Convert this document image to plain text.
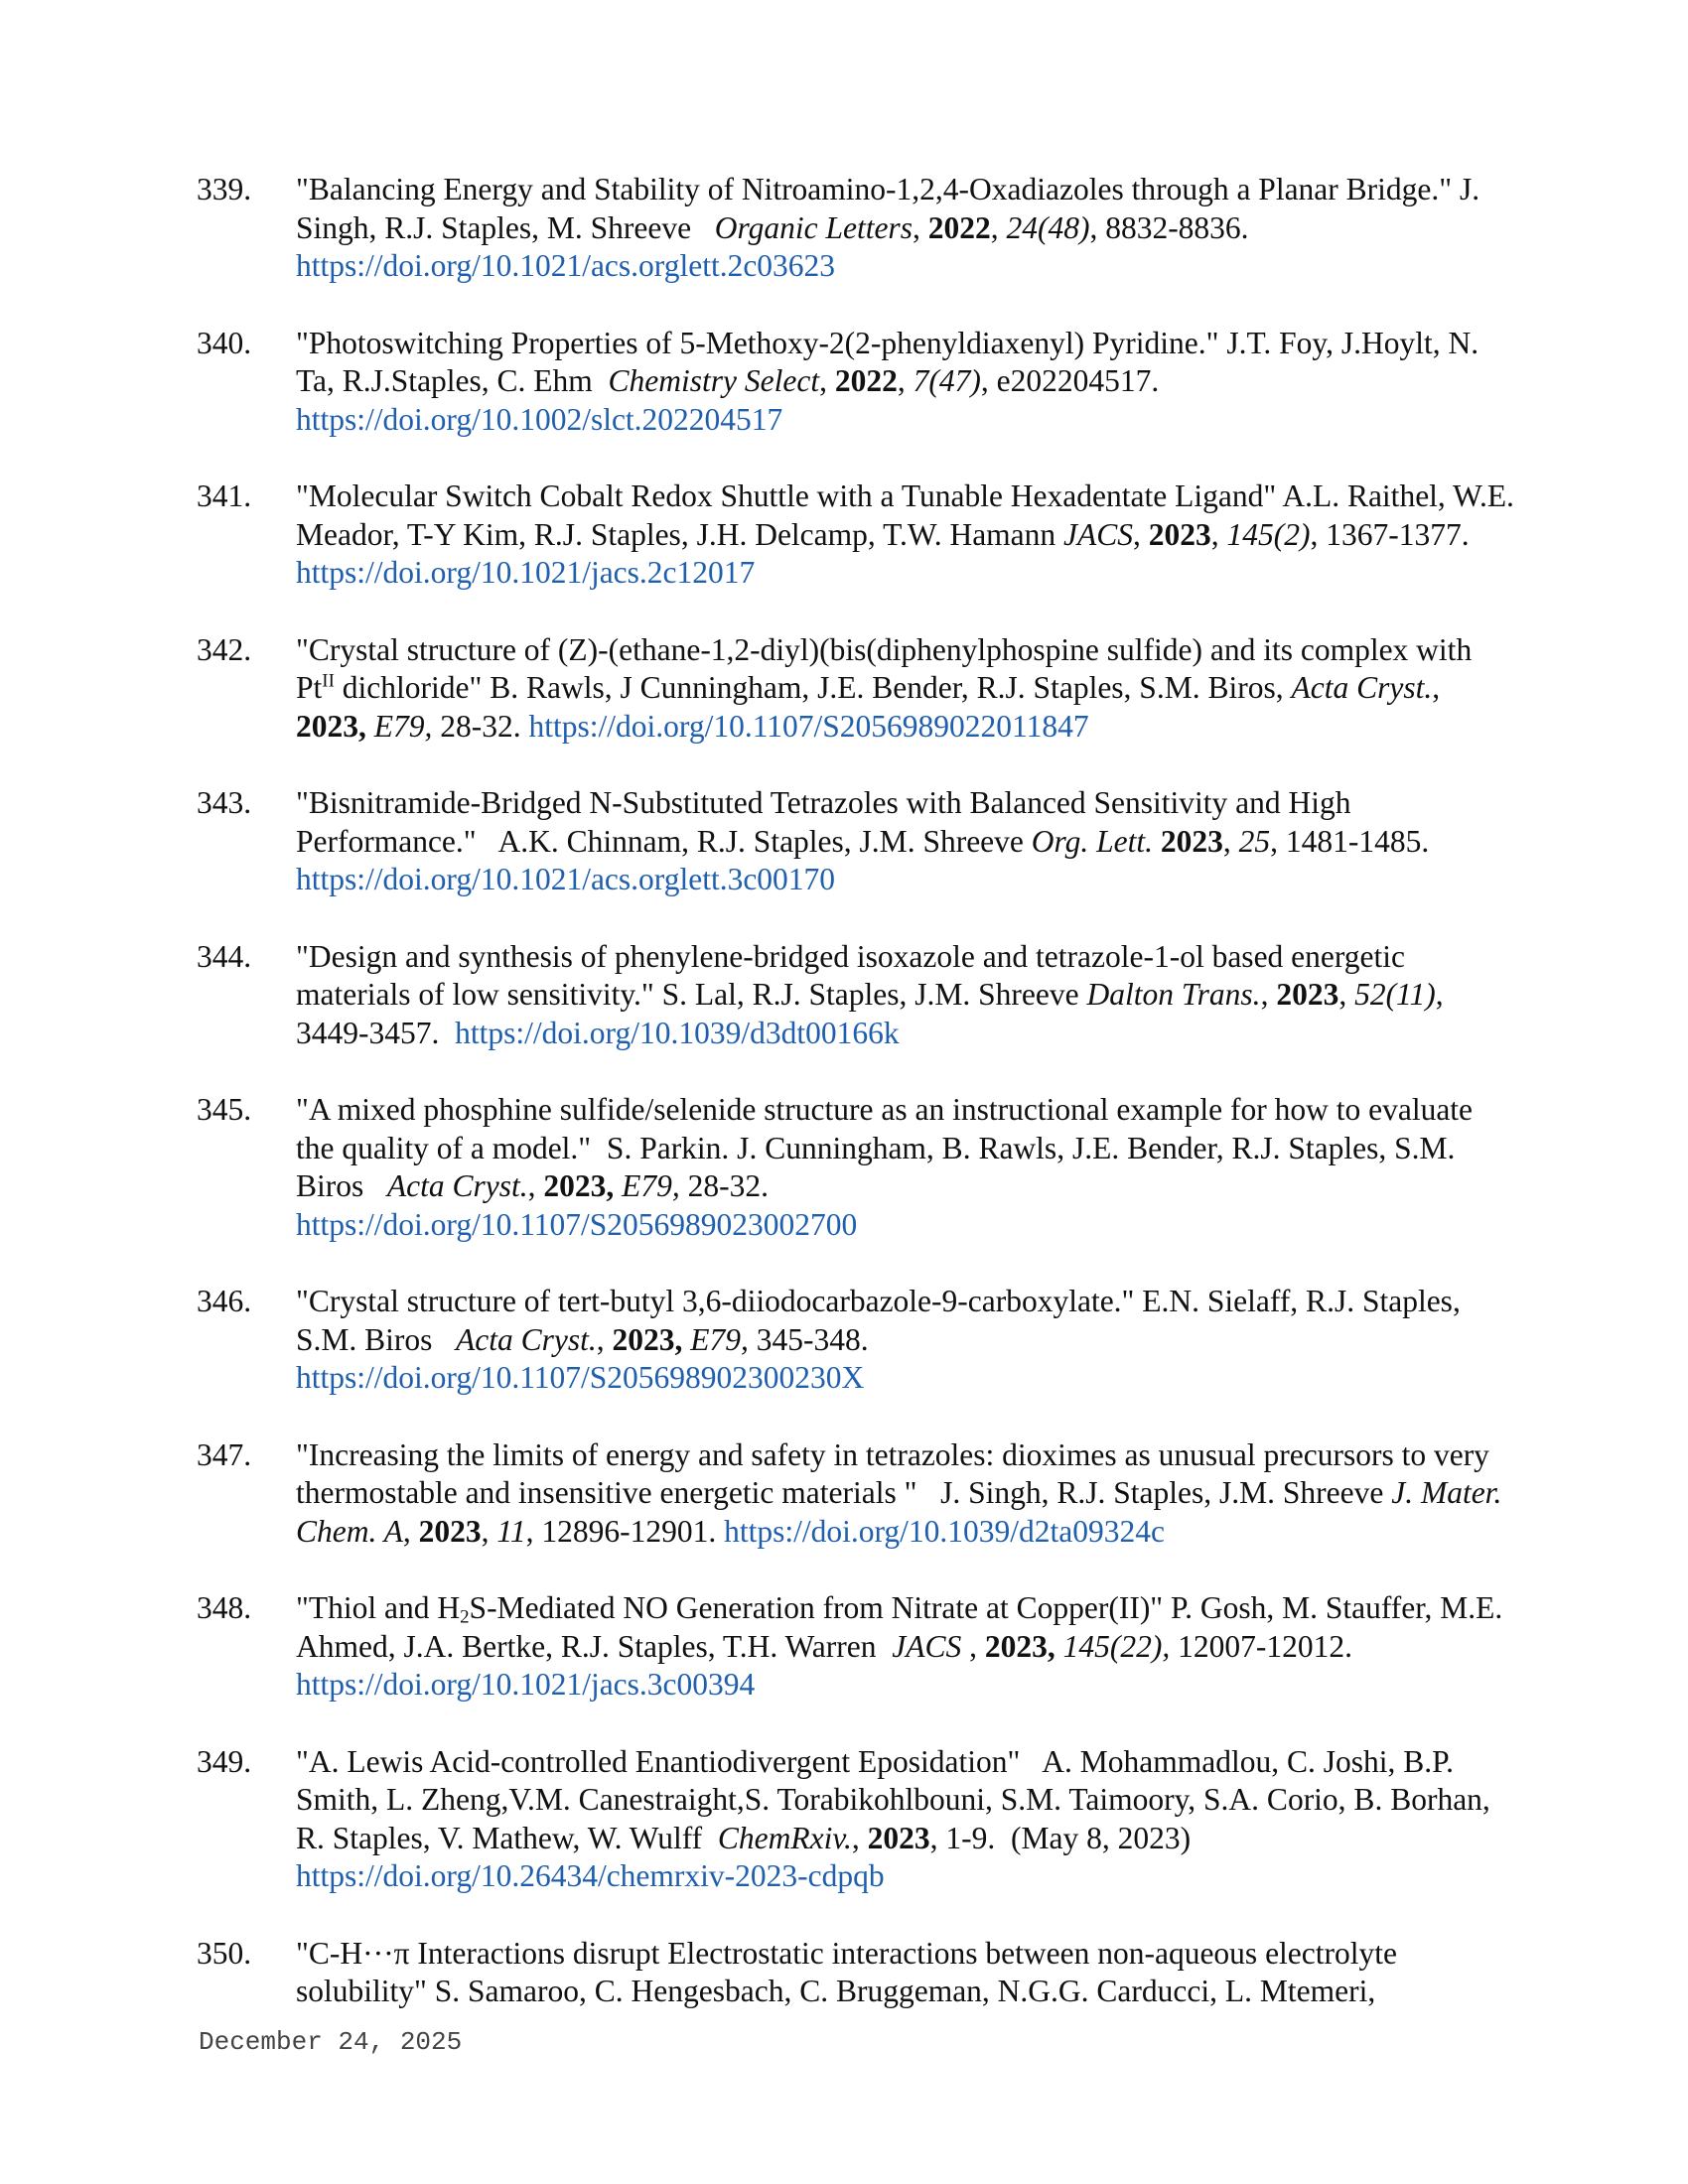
339. "Balancing Energy and Stability of Nitroamino-1,2,4-Oxadiazoles through a Planar Bridge." J. Singh, R.J. Staples, M. Shreeve Organic Letters, 2022, 24(48), 8832-8836. https://doi.org/10.1021/acs.orglett.2c03623
340. "Photoswitching Properties of 5-Methoxy-2(2-phenyldiaxenyl) Pyridine." J.T. Foy, J.Hoylt, N. Ta, R.J.Staples, C. Ehm Chemistry Select, 2022, 7(47), e202204517. https://doi.org/10.1002/slct.202204517
341. "Molecular Switch Cobalt Redox Shuttle with a Tunable Hexadentate Ligand" A.L. Raithel, W.E. Meador, T-Y Kim, R.J. Staples, J.H. Delcamp, T.W. Hamann JACS, 2023, 145(2), 1367-1377.  https://doi.org/10.1021/jacs.2c12017
342. "Crystal structure of (Z)-(ethane-1,2-diyl)(bis(diphenylphospine sulfide) and its complex with $Pt^{II}$ dichloride" B. Rawls, J Cunningham, J.E. Bender, R.J. Staples, S.M. Biros, Acta Cryst., 2023, E79, 28-32. https://doi.org/10.1107/S2056989022011847
343. "Bisnitramide-Bridged N-Substituted Tetrazoles with Balanced Sensitivity and High Performance." A.K. Chinnam, R.J. Staples, J.M. Shreeve Org. Lett. 2023, 25, 1481-1485.    https://doi.org/10.1021/acs.orglett.3c00170
344. "Design and synthesis of phenylene-bridged isoxazole and tetrazole-1-ol based energetic materials of low sensitivity." S. Lal, R.J. Staples, J.M. Shreeve Dalton Trans., 2023, 52(11), 3449-3457. https://doi.org/10.1039/d3dt00166k
345. "A mixed phosphine sulfide/selenide structure as an instructional example for how to evaluate the quality of a model." S. Parkin. J. Cunningham, B. Rawls, J.E. Bender, R.J. Staples, S.M. Biros Acta Cryst., 2023, E79, 28-32.
https://doi.org/10.1107/S2056989023002700
346. "Crystal structure of tert-butyl 3,6-diiodocarbazole-9-carboxylate." E.N. Sielaff, R.J. Staples, S.M. Biros Acta Cryst., 2023, E79, 345-348.
https://doi.org/10.1107/S205698902300230X
347. "Increasing the limits of energy and safety in tetrazoles: dioximes as unusual precursors to very thermostable and insensitive energetic materials " J. Singh, R.J. Staples, J.M. Shreeve J. Mater. Chem. A, 2023, 11, 12896-12901. https://doi.org/10.1039/d2ta09324c
348. "Thiol and $H_2S$-Mediated NO Generation from Nitrate at Copper(II)" P. Gosh, M. Stauffer, M.E. Ahmed, J.A. Bertke, R.J. Staples, T.H. Warren JACS , 2023, 145(22), 12007-12012. https://doi.org/10.1021/jacs.3c00394
349. "A. Lewis Acid-controlled Enantiodivergent Eposidation" A. Mohammadlou, C. Joshi, B.P. Smith, L. Zheng,V.M. Canestraight,S. Torabikohlbouni, S.M. Taimoory, S.A. Corio, B. Borhan, R. Staples, V. Mathew, W. Wulff ChemRxiv., 2023, 1-9. (May 8, 2023)
https://doi.org/10.26434/chemrxiv-2023-cdpqb
350. "C-H···π Interactions disrupt Electrostatic interactions between non-aqueous electrolyte solubility" S. Samaroo, C. Hengesbach, C. Bruggeman, N.G.G. Carducci, L. Mtemeri,
December 24, 2025
